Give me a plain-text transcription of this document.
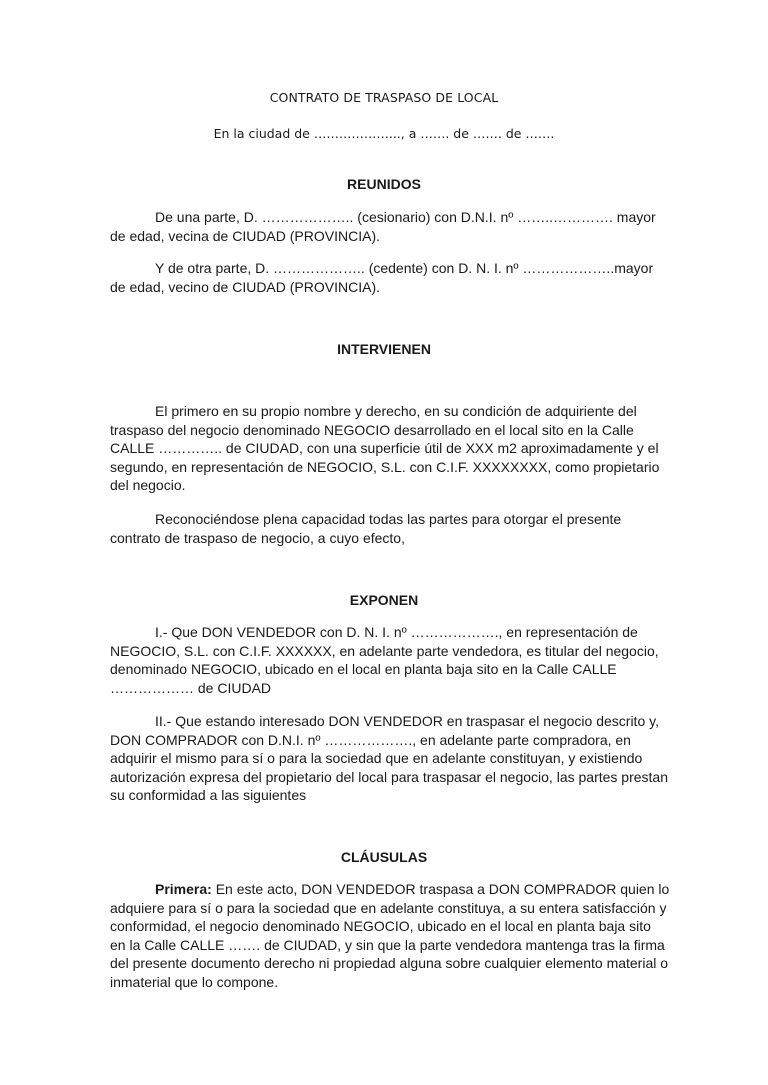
CONTRATO DE TRASPASO DE LOCAL
En la ciudad de ………………..., a ……. de ……. de …….
REUNIDOS
De una parte, D. ……………….. (cesionario) con D.N.I. nº ……..…………. mayor de edad, vecina de CIUDAD (PROVINCIA).
Y de otra parte, D. ……………….. (cedente) con D. N. I. nº ………………..mayor de edad, vecino de CIUDAD (PROVINCIA).
INTERVIENEN
El primero en su propio nombre y derecho, en su condición de adquiriente del traspaso del negocio denominado NEGOCIO desarrollado en el local sito en la Calle CALLE ………….. de CIUDAD, con una superficie útil de XXX m2 aproximadamente y el segundo, en representación de NEGOCIO, S.L. con C.I.F. XXXXXXXX, como propietario del negocio.
Reconociéndose plena capacidad todas las partes para otorgar el presente contrato de traspaso de negocio, a cuyo efecto,
EXPONEN
I.- Que DON VENDEDOR con D. N. I. nº ………………., en representación de NEGOCIO, S.L. con C.I.F. XXXXXX, en adelante parte vendedora, es titular del negocio, denominado NEGOCIO, ubicado en el local en planta baja sito en la Calle CALLE ……………… de CIUDAD
II.- Que estando interesado DON VENDEDOR en traspasar el negocio descrito y, DON COMPRADOR con D.N.I. nº ………………., en adelante parte compradora, en adquirir el mismo para sí o para la sociedad que en adelante constituyan, y existiendo autorización expresa del propietario del local para traspasar el negocio, las partes prestan su conformidad a las siguientes
CLÁUSULAS
Primera: En este acto, DON VENDEDOR traspasa a DON COMPRADOR quien lo adquiere para sí o para la sociedad que en adelante constituya, a su entera satisfacción y conformidad, el negocio denominado NEGOCIO, ubicado en el local en planta baja sito en la Calle CALLE ……. de CIUDAD, y sin que la parte vendedora mantenga tras la firma del presente documento derecho ni propiedad alguna sobre cualquier elemento material o inmaterial que lo compone.
